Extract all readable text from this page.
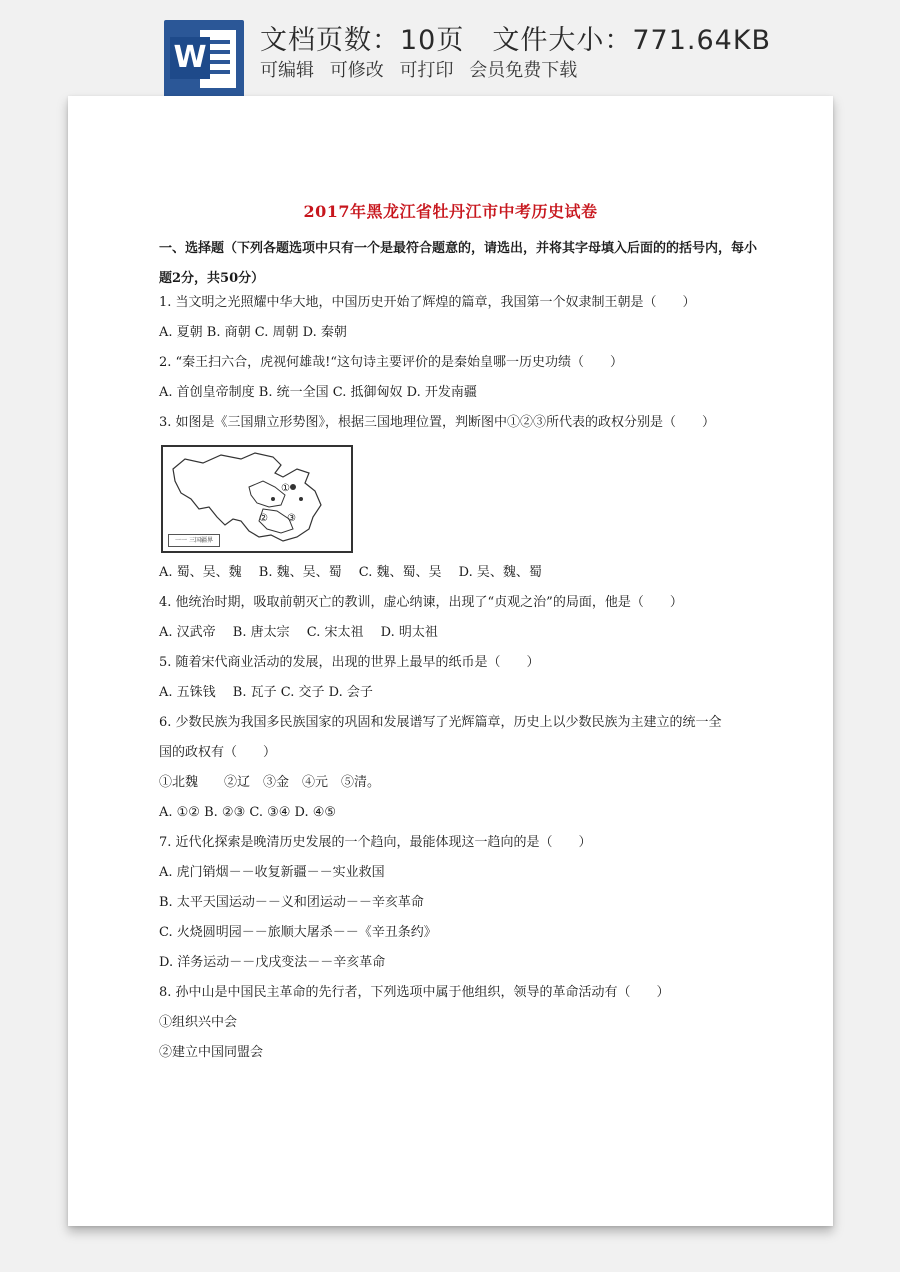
W 文档页数：10页 文件大小：771.64KB
可编辑 可修改 可打印 会员免费下载
2017年黑龙江省牡丹江市中考历史试卷
一、选择题（下列各题选项中只有一个是最符合题意的，请选出，并将其字母填入后面的的括号内，每小题2分，共50分）
1. 当文明之光照耀中华大地，中国历史开始了辉煌的篇章，我国第一个奴隶制王朝是（　　）
A. 夏朝 B. 商朝 C. 周朝 D. 秦朝
2. “秦王扫六合，虎视何雄哉!“这句诗主要评价的是秦始皇哪一历史功绩（　　）
A. 首创皇帝制度 B. 统一全国 C. 抵御匈奴 D. 开发南疆
3. 如图是《三国鼎立形势图》，根据三国地理位置，判断图中①②③所代表的政权分别是（　　）
①
② ③
一一 三国疆界
A. 蜀、吴、魏　 B. 魏、吴、蜀　 C. 魏、蜀、吴　 D. 吴、魏、蜀
4. 他统治时期，吸取前朝灭亡的教训，虚心纳谏，出现了“贞观之治”的局面，他是（　　）
A. 汉武帝　 B. 唐太宗　 C. 宋太祖　 D. 明太祖
5. 随着宋代商业活动的发展，出现的世界上最早的纸币是（　　）
A. 五铢钱　 B. 瓦子 C. 交子 D. 会子
6. 少数民族为我国多民族国家的巩固和发展谱写了光辉篇章，历史上以少数民族为主建立的统一全
国的政权有（　　）
①北魏　　②辽　③金　④元　⑤清。
A. ①② B. ②③ C. ③④ D. ④⑤
7. 近代化探索是晚清历史发展的一个趋向，最能体现这一趋向的是（　　）
A. 虎门销烟－－收复新疆－－实业救国
B. 太平天国运动－－义和团运动－－辛亥革命
C. 火烧圆明园－－旅顺大屠杀－－《辛丑条约》
D. 洋务运动－－戊戌变法－－辛亥革命
8. 孙中山是中国民主革命的先行者，下列选项中属于他组织，领导的革命活动有（　　）
①组织兴中会
②建立中国同盟会
